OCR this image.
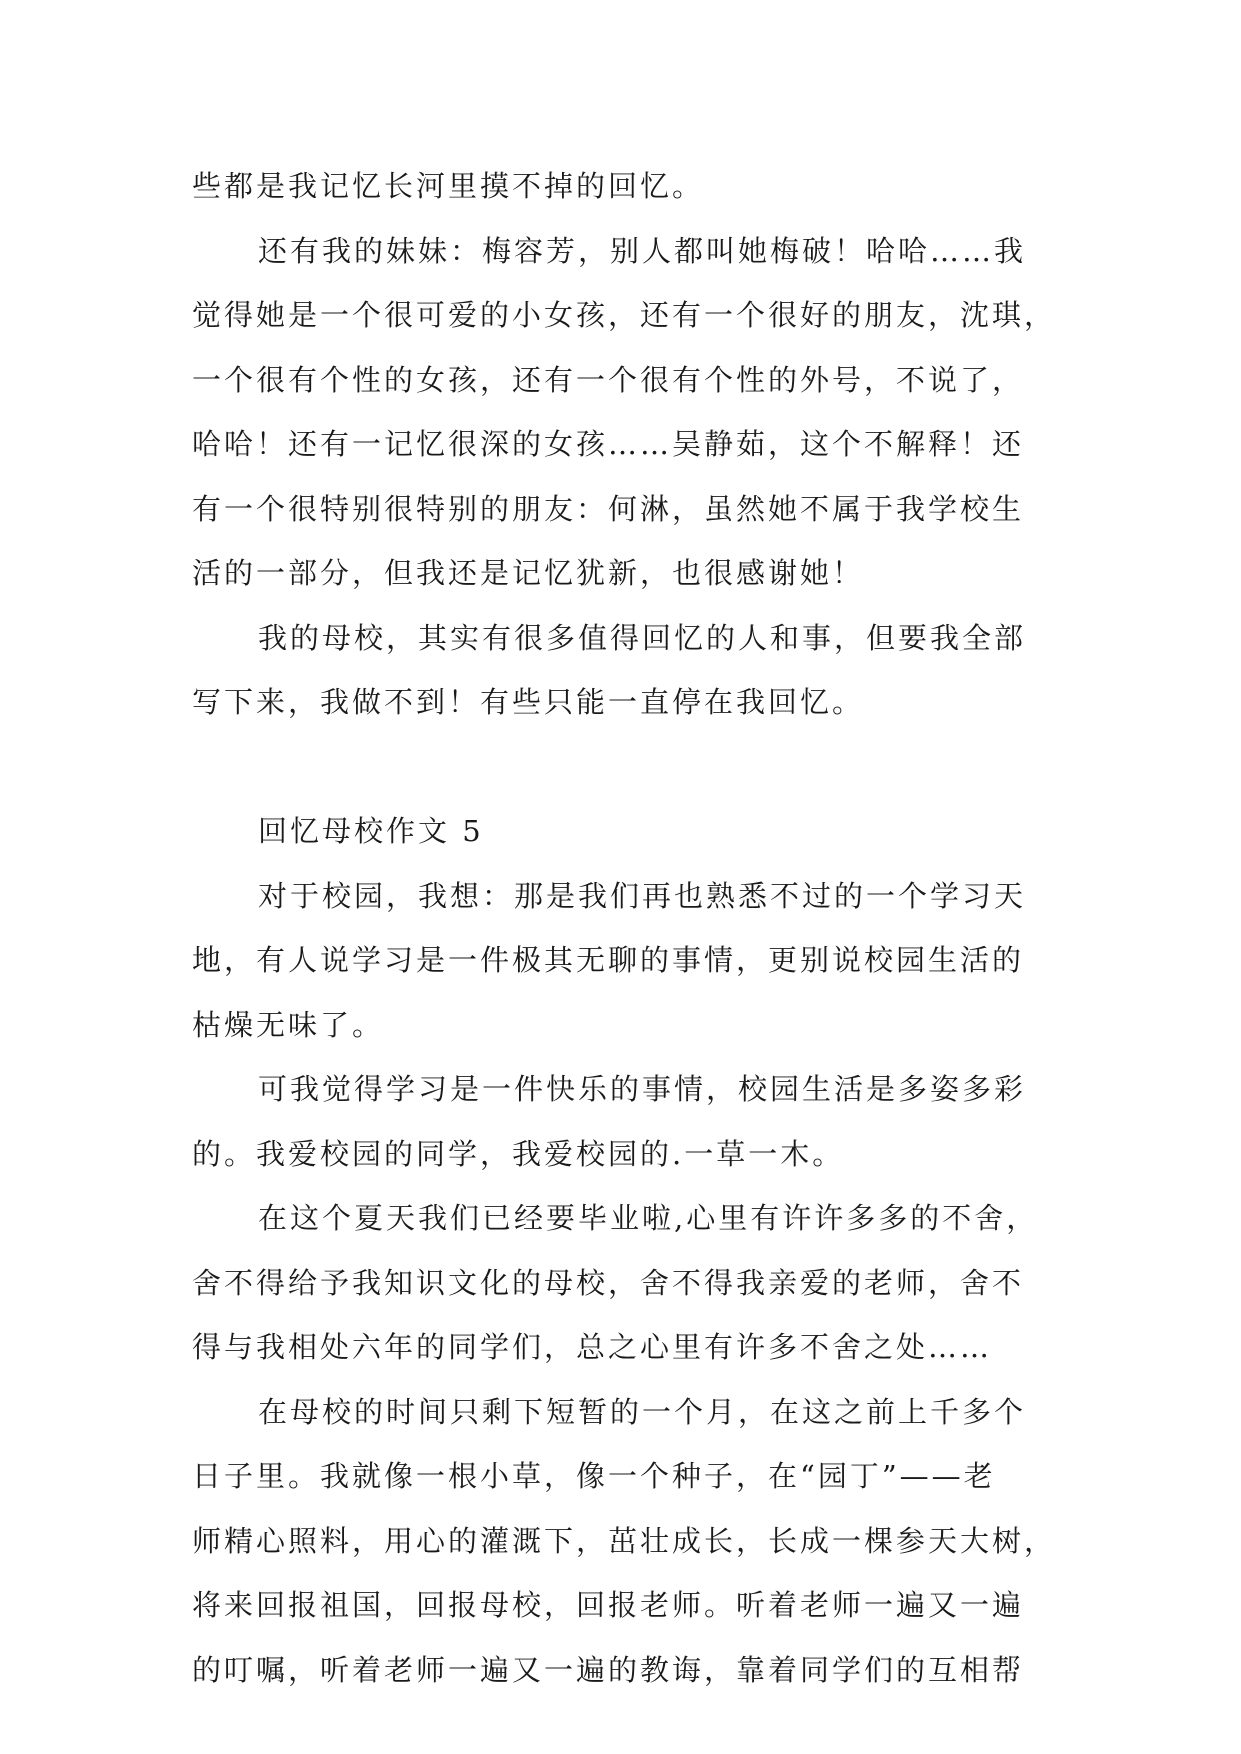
些都是我记忆长河里摸不掉的回忆。
还有我的妹妹：梅容芳，别人都叫她梅破！哈哈……我
觉得她是一个很可爱的小女孩，还有一个很好的朋友，沈琪，
一个很有个性的女孩，还有一个很有个性的外号，不说了，
哈哈！还有一记忆很深的女孩……吴静茹，这个不解释！还
有一个很特别很特别的朋友：何淋，虽然她不属于我学校生
活的一部分，但我还是记忆犹新，也很感谢她！
我的母校，其实有很多值得回忆的人和事，但要我全部
写下来，我做不到！有些只能一直停在我回忆。
回忆母校作文 5
对于校园，我想：那是我们再也熟悉不过的一个学习天
地，有人说学习是一件极其无聊的事情，更别说校园生活的
枯燥无味了。
可我觉得学习是一件快乐的事情，校园生活是多姿多彩
的。我爱校园的同学，我爱校园的.一草一木。
在这个夏天我们已经要毕业啦,心里有许许多多的不舍，
舍不得给予我知识文化的母校，舍不得我亲爱的老师，舍不
得与我相处六年的同学们，总之心里有许多不舍之处……
在母校的时间只剩下短暂的一个月，在这之前上千多个
日子里。我就像一根小草，像一个种子，在“园丁”——老
师精心照料，用心的灌溉下，茁壮成长，长成一棵参天大树，
将来回报祖国，回报母校，回报老师。听着老师一遍又一遍
的叮嘱，听着老师一遍又一遍的教诲，靠着同学们的互相帮
